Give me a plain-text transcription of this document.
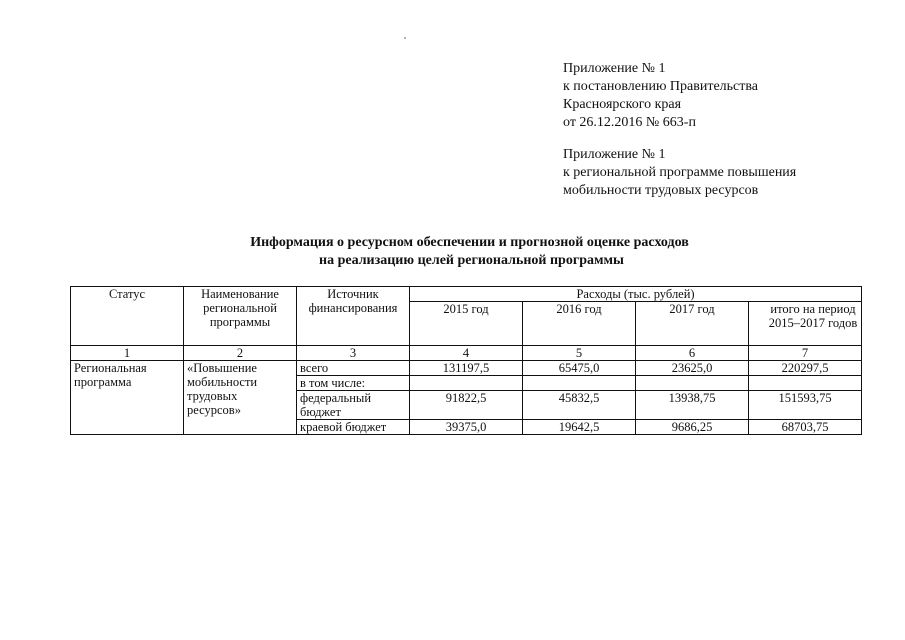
Приложение № 1
к постановлению Правительства
Красноярского края
от 26.12.2016 № 663-п
Приложение № 1
к региональной программе повышения
мобильности трудовых ресурсов
Информация о ресурсном обеспечении и прогнозной оценке расходов
на реализацию целей региональной программы
Статус	Наименование региональной программы	Источник финансирования	Расходы (тыс. рублей)			
			2015 год	2016 год	2017 год	итого на период 2015–2017 годов
1	2	3	4	5	6	7
Региональная программа	«Повышение мобильности трудовых ресурсов»	всего	131197,5	65475,0	23625,0	220297,5
		в том числе:				
		федеральный бюджет	91822,5	45832,5	13938,75	151593,75
		краевой бюджет	39375,0	19642,5	9686,25	68703,75
